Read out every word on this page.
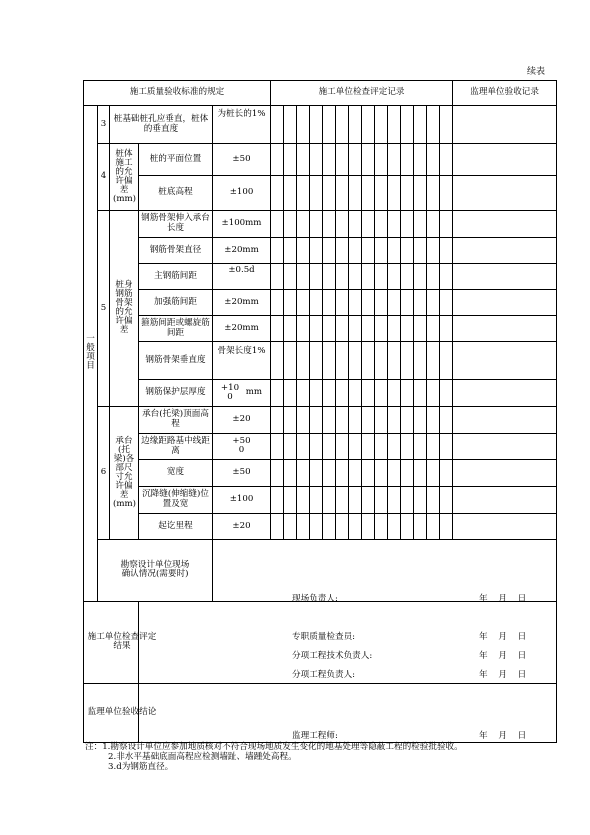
续表
施工质量验收标准的规定					施工单位检查评定记录														监理单位验收记录
一般项目	3	桩基础桩孔应垂直，桩体的垂直度		为桩长的1%															
	4	桩体施工的允许偏差(mm)	桩的平面位置	±50															
			桩底高程	±100															
	5	桩身钢筋骨架的允许偏差	钢筋骨架伸入承台长度	±100mm															
			钢筋骨架直径	±20mm															
			主钢筋间距	±0.5d															
			加强筋间距	±20mm															
			箍筋间距或螺旋筋间距	±20mm															
			钢筋骨架垂直度	骨架长度1%															
			钢筋保护层厚度	+10
0 mm															
	6	承台(托梁)各部尺寸允许偏差(mm)	承台(托梁)顶面高程	±20															
			边缘距路基中线距离	+50
0															
			宽度	±50															
			沉降缝(伸缩缝)位置及宽	±100															
			起讫里程	±20															
	勘察设计单位现场确认情况(需要时)																		
施工单位检查评定结果																			
监理单位验收结论																			
现场负责人:	年 月 日
专职质量检查员:	年 月 日
分项工程技术负责人:	年 月 日
分项工程负责人:	年 月 日
监理工程师:	年 月 日
注：1.勘察设计单位应参加地质核对不符合现场地质发生变化的地基处理等隐蔽工程的检验批验收。
2.非水平基础底面高程应检测墙趾、墙踵处高程。
3.d为钢筋直径。
